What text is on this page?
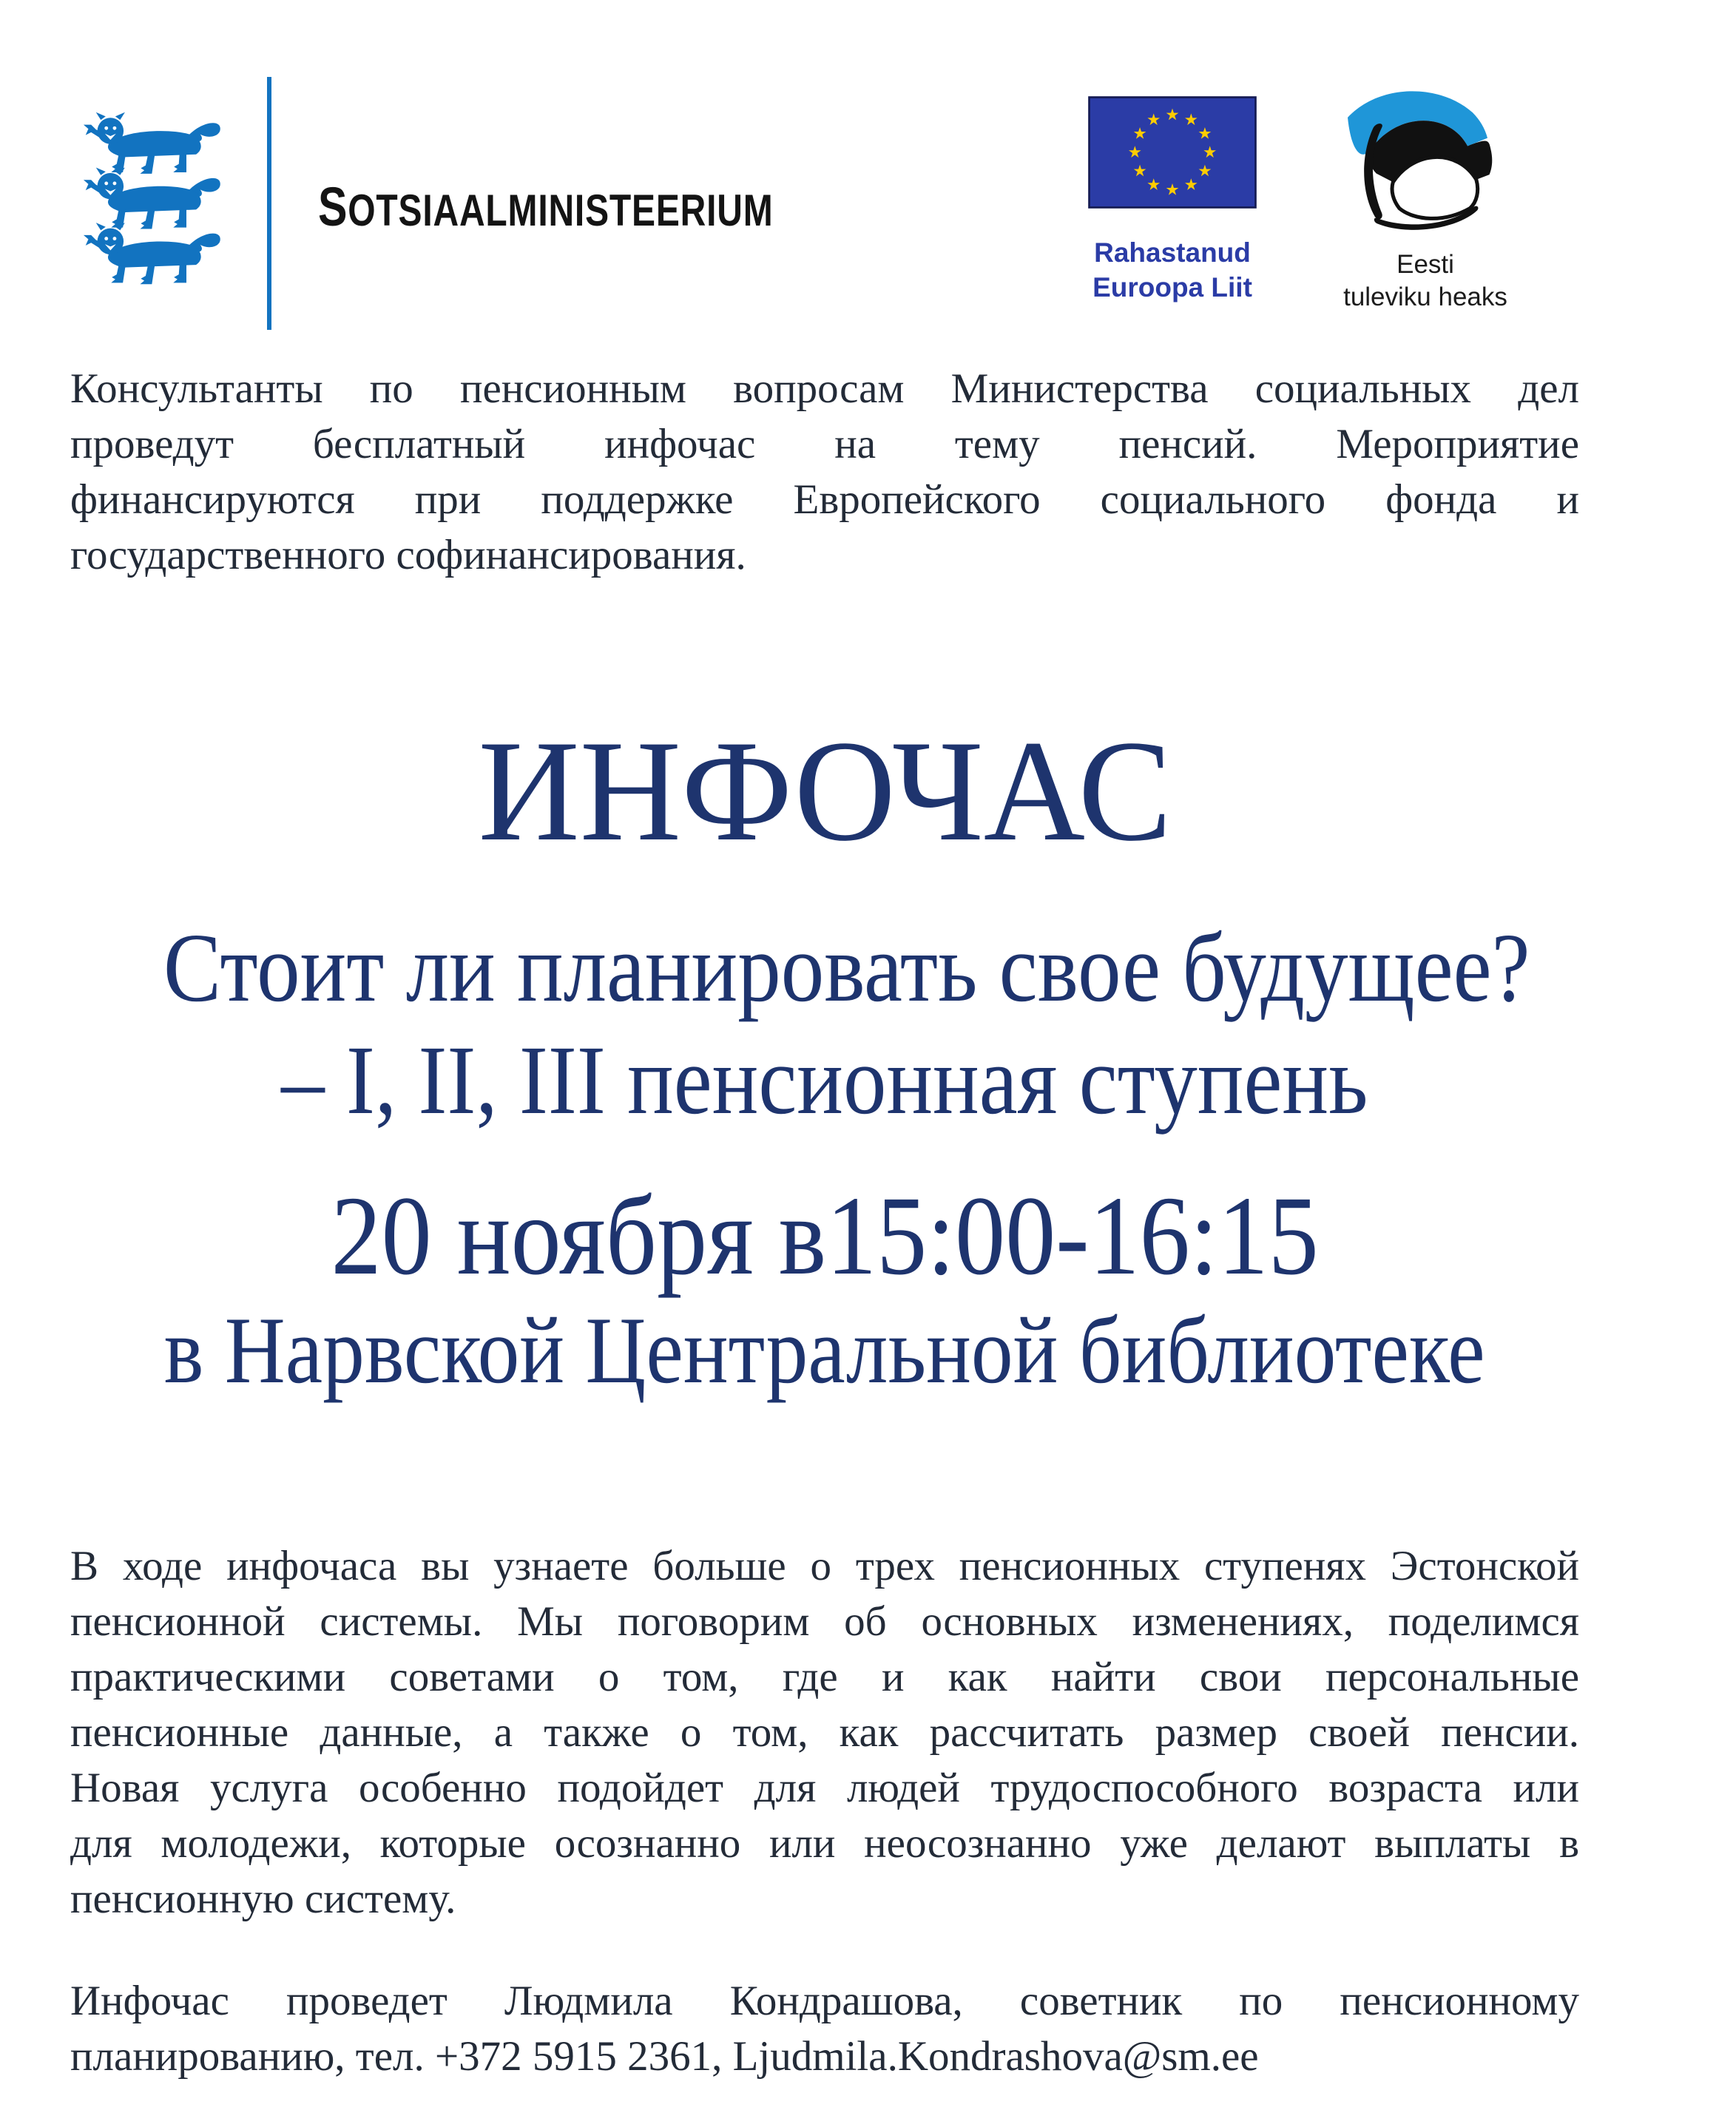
SOTSIAALMINISTEERIUM
Rahastanud
Euroopa Liit
Eesti
tuleviku heaks
Консультанты по пенсионным вопросам Министерства социальных дел
проведут бесплатный инфочас на тему пенсий. Мероприятие
финансируются при поддержке Европейского социального фонда и
государственного софинансирования.
ИНФОЧАС
Стоит ли планировать свое будущее?
– I, II, III пенсионная ступень
20 ноября в15:00-16:15
в Нарвской Центральной библиотеке
В ходе инфочаса вы узнаете больше о трех пенсионных ступенях Эстонской
пенсионной системы. Мы поговорим об основных изменениях, поделимся
практическими советами о том, где и как найти свои персональные
пенсионные данные, а также о том, как рассчитать размер своей пенсии.
Новая услуга особенно подойдет для людей трудоспособного возраста или
для молодежи, которые осознанно или неосознанно уже делают выплаты в
пенсионную систему.
Инфочас проведет Людмила Кондрашова, советник по пенсионному
планированию, тел. +372 5915 2361, Ljudmila.Kondrashova@sm.ee
